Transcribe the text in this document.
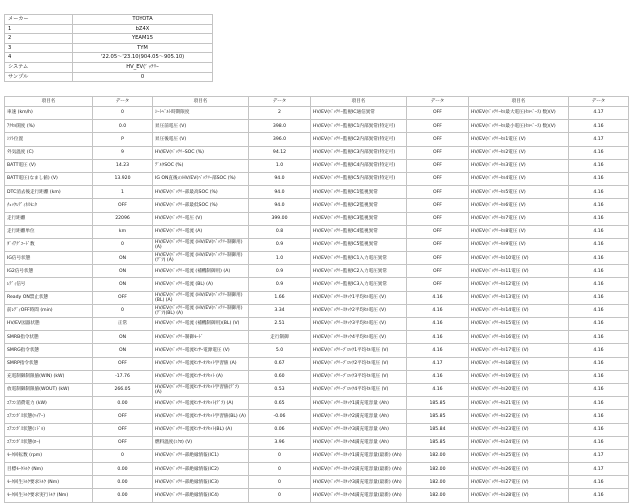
メーカー	TOYOTA
1	bZ4X
2	YEAM15
3	TYM
4	'22.05〜'23.10(904.05〜905.10)
システム	HV_EV(ʼ ｯﾃﾘｰ
サンプル	0
項目名	データ	項目名	データ	項目名	データ	項目名	データ
車速 (km/h)	0	ｼｰﾄﾍﾞﾙﾄ時期限度	2	HV/EV(ﾊﾞｯﾃﾘｰ監視IC通信異常	OFF	HV/EV(ﾊﾞｯﾃﾘｰｾﾙ最大電圧(ｾﾙﾍﾞｰｽ) 数)(V)	4.17
ｱｸｾﾙ開度 (%)	0.0	昇圧前電圧 (V)	398.0	HV/EV(ﾊﾞｯﾃﾘｰ監視IC1内部異常(特定可)	OFF	HV/EV(ﾊﾞｯﾃﾘｰｾﾙ最小電圧(ｾﾙﾍﾞｰｽ) 数)(V)	4.16
ｼﾌﾄ位置	P	昇圧後電圧 (V)	396.0	HV/EV(ﾊﾞｯﾃﾘｰ監視IC2内部異常(特定可)	OFF	HV/EV(ﾊﾞｯﾃﾘｰｾﾙ1電圧 (V)	4.17
外気温度 (C)	9	HV/EV(ﾊﾞｯﾃﾘｰSOC (%)	94.12	HV/EV(ﾊﾞｯﾃﾘｰ監視IC3内部異常(特定可)	OFF	HV/EV(ﾊﾞｯﾃﾘｰｾﾙ2電圧 (V)	4.16
BATT電圧 (V)	14.23	ﾃﾞﾙﾀSOC (%)	1.0	HV/EV(ﾊﾞｯﾃﾘｰ監視IC4内部異常(特定可)	OFF	HV/EV(ﾊﾞｯﾃﾘｰｾﾙ3電圧 (V)	4.16
BATT電圧(なまし値) (V)	13.920	IG ON直後のHV/EV(ﾊﾞｯﾃﾘｰ部SOC (%)	94.0	HV/EV(ﾊﾞｯﾃﾘｰ監視IC5内部異常(特定可)	OFF	HV/EV(ﾊﾞｯﾃﾘｰｾﾙ4電圧 (V)	4.16
DTC消去後走行距離 (km)	1	HV/EV(ﾊﾞｯﾃﾘｰ部最高SOC (%)	94.0	HV/EV(ﾊﾞｯﾃﾘｰ監視IC1監視異常	OFF	HV/EV(ﾊﾞｯﾃﾘｰｾﾙ5電圧 (V)	4.16
ﾁｪｯｸﾚﾃﾞｨﾈｽﾓﾆﾀ	OFF	HV/EV(ﾊﾞｯﾃﾘｰ部最低SOC (%)	94.0	HV/EV(ﾊﾞｯﾃﾘｰ監視IC2監視異常	OFF	HV/EV(ﾊﾞｯﾃﾘｰｾﾙ6電圧 (V)	4.16
走行距離	22096	HV/EV(ﾊﾞｯﾃﾘｰ電圧 (V)	399.00	HV/EV(ﾊﾞｯﾃﾘｰ監視IC3監視異常	OFF	HV/EV(ﾊﾞｯﾃﾘｰｾﾙ7電圧 (V)	4.16
走行距離単位	km	HV/EV(ﾊﾞｯﾃﾘｰ電流 (A)	0.8	HV/EV(ﾊﾞｯﾃﾘｰ監視IC4監視異常	OFF	HV/EV(ﾊﾞｯﾃﾘｰｾﾙ8電圧 (V)	4.16
ﾀﾞｲｱｸﾞｺｰﾄﾞ数	0	HV/EV(ﾊﾞｯﾃﾘｰ電流 (HV/EV(ﾊﾞｯﾃﾘｰ制御用) (A)	0.9	HV/EV(ﾊﾞｯﾃﾘｰ監視IC5監視異常	OFF	HV/EV(ﾊﾞｯﾃﾘｰｾﾙ9電圧 (V)	4.16
IG信号状態	ON	HV/EV(ﾊﾞｯﾃﾘｰ電流 (HV/EV(ﾊﾞｯﾃﾘｰ制御用)(ﾃﾞﾌ) (A)	1.0	HV/EV(ﾊﾞｯﾃﾘｰ監視IC1入力電圧異常	OFF	HV/EV(ﾊﾞｯﾃﾘｰｾﾙ10電圧 (V)	4.16
IG2信号状態	ON	HV/EV(ﾊﾞｯﾃﾘｰ電流 (補機制御用) (A)	0.9	HV/EV(ﾊﾞｯﾃﾘｰ監視IC2入力電圧異常	OFF	HV/EV(ﾊﾞｯﾃﾘｰｾﾙ11電圧 (V)	4.16
ﾚﾃﾞｨ信号	ON	HV/EV(ﾊﾞｯﾃﾘｰ電流 (BL) (A)	0.9	HV/EV(ﾊﾞｯﾃﾘｰ監視IC3入力電圧異常	OFF	HV/EV(ﾊﾞｯﾃﾘｰｾﾙ12電圧 (V)	4.16
Ready ON禁止状態	OFF	HV/EV(ﾊﾞｯﾃﾘｰ電流 (HV/EV(ﾊﾞｯﾃﾘｰ制御用)(BL) (A)	1.66	HV/EV(ﾊﾞｯﾃﾘｰｽﾀｯｸ1平均ｾﾙ電圧 (V)	4.16	HV/EV(ﾊﾞｯﾃﾘｰｾﾙ13電圧 (V)	4.16
前ﾚﾃﾞｨOFF時間 (min)	0	HV/EV(ﾊﾞｯﾃﾘｰ電流 (HV/EV(ﾊﾞｯﾃﾘｰ制御用)(ﾃﾞﾌ)(BL) (A)	3.34	HV/EV(ﾊﾞｯﾃﾘｰｽﾀｯｸ2平均ｾﾙ電圧 (V)	4.16	HV/EV(ﾊﾞｯﾃﾘｰｾﾙ14電圧 (V)	4.16
HV/EV図器状態	正常	HV/EV(ﾊﾞｯﾃﾘｰ電流 (補機制御用)(BL) (V)	2.51	HV/EV(ﾊﾞｯﾃﾘｰｽﾀｯｸ3平均ｾﾙ電圧 (V)	4.16	HV/EV(ﾊﾞｯﾃﾘｰｾﾙ15電圧 (V)	4.16
SMRB指令状態	ON	HV/EV(ﾊﾞｯﾃﾘｰ制御ﾓｰﾄﾞ	走行制御	HV/EV(ﾊﾞｯﾃﾘｰｽﾀｯｸ4平均ｾﾙ電圧 (V)	4.16	HV/EV(ﾊﾞｯﾃﾘｰｾﾙ16電圧 (V)	4.16
SMRG指令状態	ON	HV/EV(ﾊﾞｯﾃﾘｰ電流ｾﾝｻｰ電源電圧 (V)	5.0	HV/EV(ﾊﾞｯﾃﾘｰﾌﾞﾛｯｸ1平均ｾﾙ電圧 (V)	4.16	HV/EV(ﾊﾞｯﾃﾘｰｾﾙ17電圧 (V)	4.16
SMRP指令状態	OFF	HV/EV(ﾊﾞｯﾃﾘｰ電流ｾﾝｻｰｵﾌｾｯﾄ学習値 (A)	0.67	HV/EV(ﾊﾞｯﾃﾘｰﾌﾞﾛｯｸ2平均ｾﾙ電圧 (V)	4.17	HV/EV(ﾊﾞｯﾃﾘｰｾﾙ18電圧 (V)	4.16
充電制御制限値(WIN) (kW)	-17.76	HV/EV(ﾊﾞｯﾃﾘｰ電流ｾﾝｻｰｵﾌｾｯﾄ (A)	0.60	HV/EV(ﾊﾞｯﾃﾘｰﾌﾞﾛｯｸ3平均ｾﾙ電圧 (V)	4.16	HV/EV(ﾊﾞｯﾃﾘｰｾﾙ19電圧 (V)	4.16
放電制御制限値(WOUT) (kW)	266.05	HV/EV(ﾊﾞｯﾃﾘｰ電流ｾﾝｻｰｵﾌｾｯﾄ学習値(ﾃﾞﾌ) (A)	0.53	HV/EV(ﾊﾞｯﾃﾘｰﾌﾞﾛｯｸ4平均ｾﾙ電圧 (V)	4.16	HV/EV(ﾊﾞｯﾃﾘｰｾﾙ20電圧 (V)	4.16
ｴｱｺﾝ消費電力 (kW)	0.00	HV/EV(ﾊﾞｯﾃﾘｰ電流ｾﾝｻｰｵﾌｾｯﾄ(ﾃﾞﾌ) (A)	0.65	HV/EV(ﾊﾞｯﾃﾘｰｽﾀｯｸ1満充電容量 (Ah)	185.85	HV/EV(ﾊﾞｯﾃﾘｰｾﾙ21電圧 (V)	4.16
ｴｱｺﾝｶﾞｽ状態(ﾊｲｱｰ)	OFF	HV/EV(ﾊﾞｯﾃﾘｰ電流ｾﾝｻｰｵﾌｾｯﾄ学習値(BL) (A)	-0.06	HV/EV(ﾊﾞｯﾃﾘｰｽﾀｯｸ2満充電容量 (Ah)	185.85	HV/EV(ﾊﾞｯﾃﾘｰｾﾙ22電圧 (V)	4.16
ｴｱｺﾝｶﾞｽ状態(ﾐﾄﾞﾙ)	OFF	HV/EV(ﾊﾞｯﾃﾘｰ電流ｾﾝｻｰｵﾌｾｯﾄ(BL) (A)	0.06	HV/EV(ﾊﾞｯﾃﾘｰｽﾀｯｸ3満充電容量 (Ah)	185.84	HV/EV(ﾊﾞｯﾃﾘｰｾﾙ23電圧 (V)	4.16
ｴｱｺﾝｶﾞｽ状態(ﾛｰ)	OFF	燃料温度(ﾐｸﾛ) (V)	3.96	HV/EV(ﾊﾞｯﾃﾘｰｽﾀｯｸ4満充電容量 (Ah)	185.85	HV/EV(ﾊﾞｯﾃﾘｰｾﾙ24電圧 (V)	4.16
ﾓｰﾀ回転数 (rpm)	0	HV/EV(ﾊﾞｯﾃﾘｰ部絶縁情報(IC1)	0	HV/EV(ﾊﾞｯﾃﾘｰｽﾀｯｸ1満充電容量(最新) (Ah)	182.00	HV/EV(ﾊﾞｯﾃﾘｰｾﾙ25電圧 (V)	4.17
目標ﾓｰﾀﾄﾙｸ (Nm)	0.00	HV/EV(ﾊﾞｯﾃﾘｰ部絶縁情報(IC2)	0	HV/EV(ﾊﾞｯﾃﾘｰｽﾀｯｸ2満充電容量(最新) (Ah)	182.00	HV/EV(ﾊﾞｯﾃﾘｰｾﾙ26電圧 (V)	4.17
ﾓｰﾀ回生ﾄﾙｸ要求ﾄﾙｸ (Nm)	0.00	HV/EV(ﾊﾞｯﾃﾘｰ部絶縁情報(IC3)	0	HV/EV(ﾊﾞｯﾃﾘｰｽﾀｯｸ3満充電容量(最新) (Ah)	182.00	HV/EV(ﾊﾞｯﾃﾘｰｾﾙ27電圧 (V)	4.16
ﾓｰﾀ回生ﾄﾙｸ要求実行ﾄﾙｸ (Nm)	0.00	HV/EV(ﾊﾞｯﾃﾘｰ部絶縁情報(IC4)	0	HV/EV(ﾊﾞｯﾃﾘｰｽﾀｯｸ4満充電容量(最新) (Ah)	182.00	HV/EV(ﾊﾞｯﾃﾘｰｾﾙ28電圧 (V)	4.16
